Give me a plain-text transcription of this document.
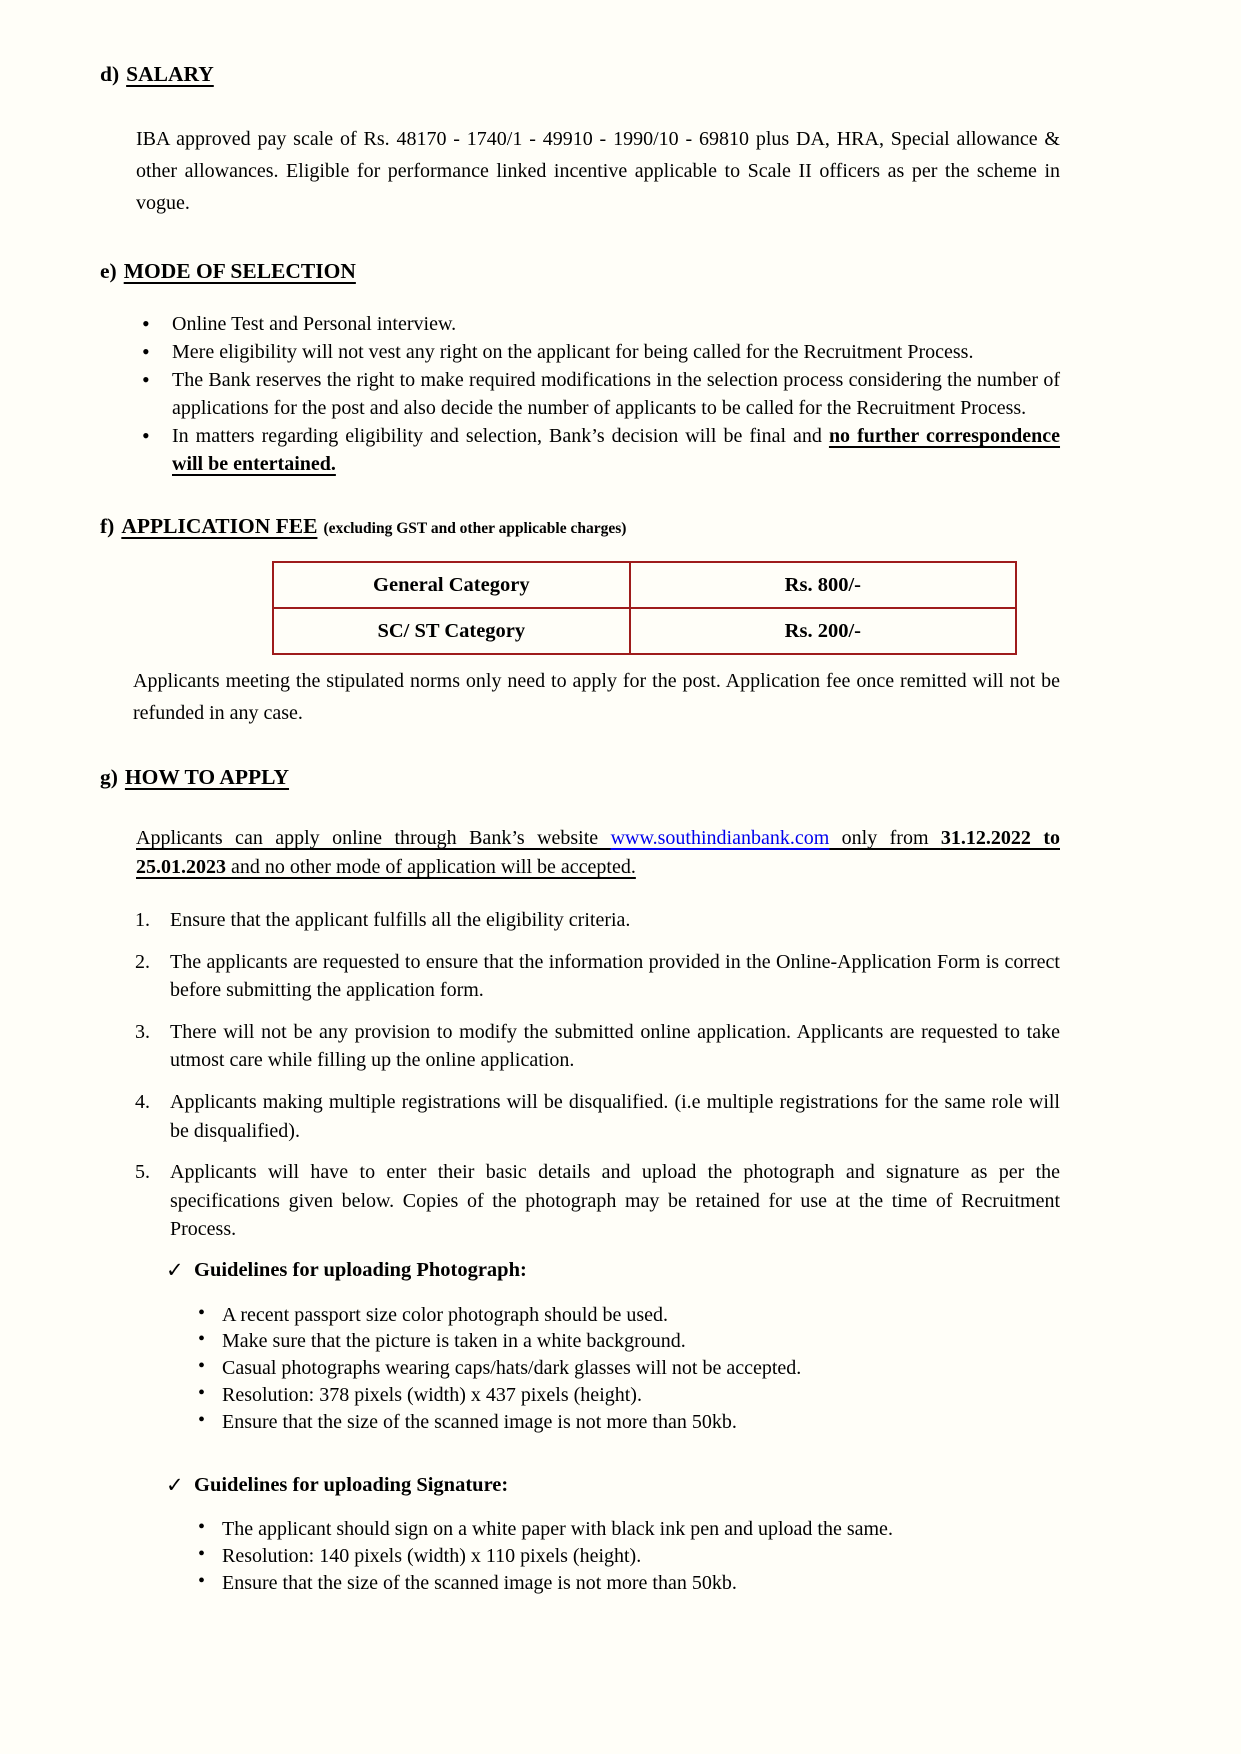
d) SALARY

IBA approved pay scale of Rs. 48170 - 1740/1 - 49910 - 1990/10 - 69810 plus DA, HRA, Special allowance & other allowances. Eligible for performance linked incentive applicable to Scale II officers as per the scheme in vogue.

e) MODE OF SELECTION
• Online Test and Personal interview.
• Mere eligibility will not vest any right on the applicant for being called for the Recruitment Process.
• The Bank reserves the right to make required modifications in the selection process considering the number of applications for the post and also decide the number of applicants to be called for the Recruitment Process.
• In matters regarding eligibility and selection, Bank’s decision will be final and no further correspondence will be entertained.
f) APPLICATION FEE (excluding GST and other applicable charges)
General Category	Rs. 800/-
SC/ ST Category	Rs. 200/-

Applicants meeting the stipulated norms only need to apply for the post. Application fee once remitted will not be refunded in any case.

g) HOW TO APPLY

Applicants can apply online through Bank’s website www.southindianbank.com only from 31.12.2022 to 25.01.2023 and no other mode of application will be accepted.

1. Ensure that the applicant fulfills all the eligibility criteria.
2. The applicants are requested to ensure that the information provided in the Online-Application Form is correct before submitting the application form.
3. There will not be any provision to modify the submitted online application. Applicants are requested to take utmost care while filling up the online application.
4. Applicants making multiple registrations will be disqualified. (i.e multiple registrations for the same role will be disqualified).
5. Applicants will have to enter their basic details and upload the photograph and signature as per the specifications given below. Copies of the photograph may be retained for use at the time of Recruitment Process.
✓ Guidelines for uploading Photograph:
• A recent passport size color photograph should be used.
• Make sure that the picture is taken in a white background.
• Casual photographs wearing caps/hats/dark glasses will not be accepted.
• Resolution: 378 pixels (width) x 437 pixels (height).
• Ensure that the size of the scanned image is not more than 50kb.
✓ Guidelines for uploading Signature:
• The applicant should sign on a white paper with black ink pen and upload the same.
• Resolution: 140 pixels (width) x 110 pixels (height).
• Ensure that the size of the scanned image is not more than 50kb.
